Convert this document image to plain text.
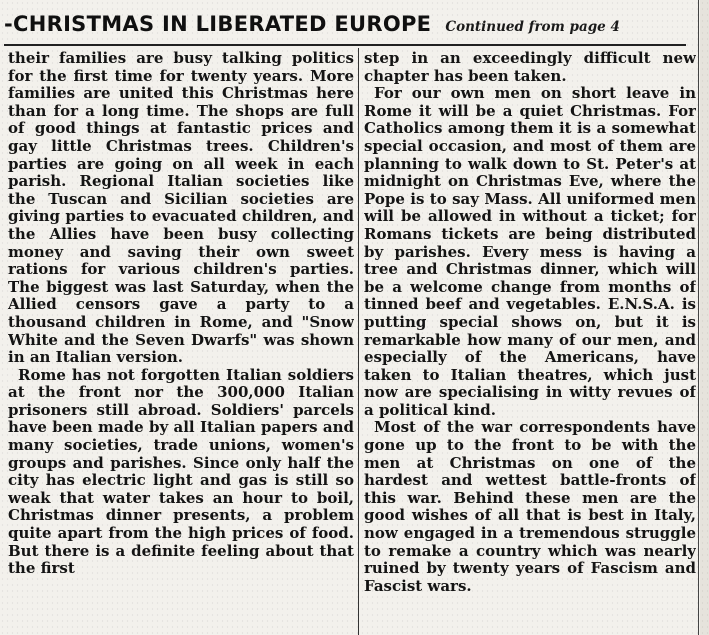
-CHRISTMAS IN LIBERATED EUROPE Continued from page 4

their families are busy talking politics for the first time for twenty years. More families are united this Christmas here than for a long time. The shops are full of good things at fantastic prices and gay little Christmas trees. Children's parties are going on all week in each parish. Regional Italian societies like the Tuscan and Sicilian societies are giving parties to evacuated children, and the Allies have been busy collecting money and saving their own sweet rations for various children's parties. The biggest was last Saturday, when the Allied censors gave a party to a thousand children in Rome, and "Snow White and the Seven Dwarfs" was shown in an Italian version.

Rome has not forgotten Italian soldiers at the front nor the 300,000 Italian prisoners still abroad. Soldiers' parcels have been made by all Italian papers and many societies, trade unions, women's groups and parishes. Since only half the city has electric light and gas is still so weak that water takes an hour to boil, Christmas dinner presents, a problem quite apart from the high prices of food. But there is a definite feeling about that the first

step in an exceedingly difficult new chapter has been taken.

For our own men on short leave in Rome it will be a quiet Christmas. For Catholics among them it is a somewhat special occasion, and most of them are planning to walk down to St. Peter's at midnight on Christmas Eve, where the Pope is to say Mass. All uniformed men will be allowed in without a ticket; for Romans tickets are being distributed by parishes. Every mess is having a tree and Christmas dinner, which will be a welcome change from months of tinned beef and vegetables. E.N.S.A. is putting special shows on, but it is remarkable how many of our men, and especially of the Americans, have taken to Italian theatres, which just now are specialising in witty revues of a political kind.

Most of the war correspondents have gone up to the front to be with the men at Christmas on one of the hardest and wettest battle-fronts of this war. Behind these men are the good wishes of all that is best in Italy, now engaged in a tremendous struggle to remake a country which was nearly ruined by twenty years of Fascism and Fascist wars.
